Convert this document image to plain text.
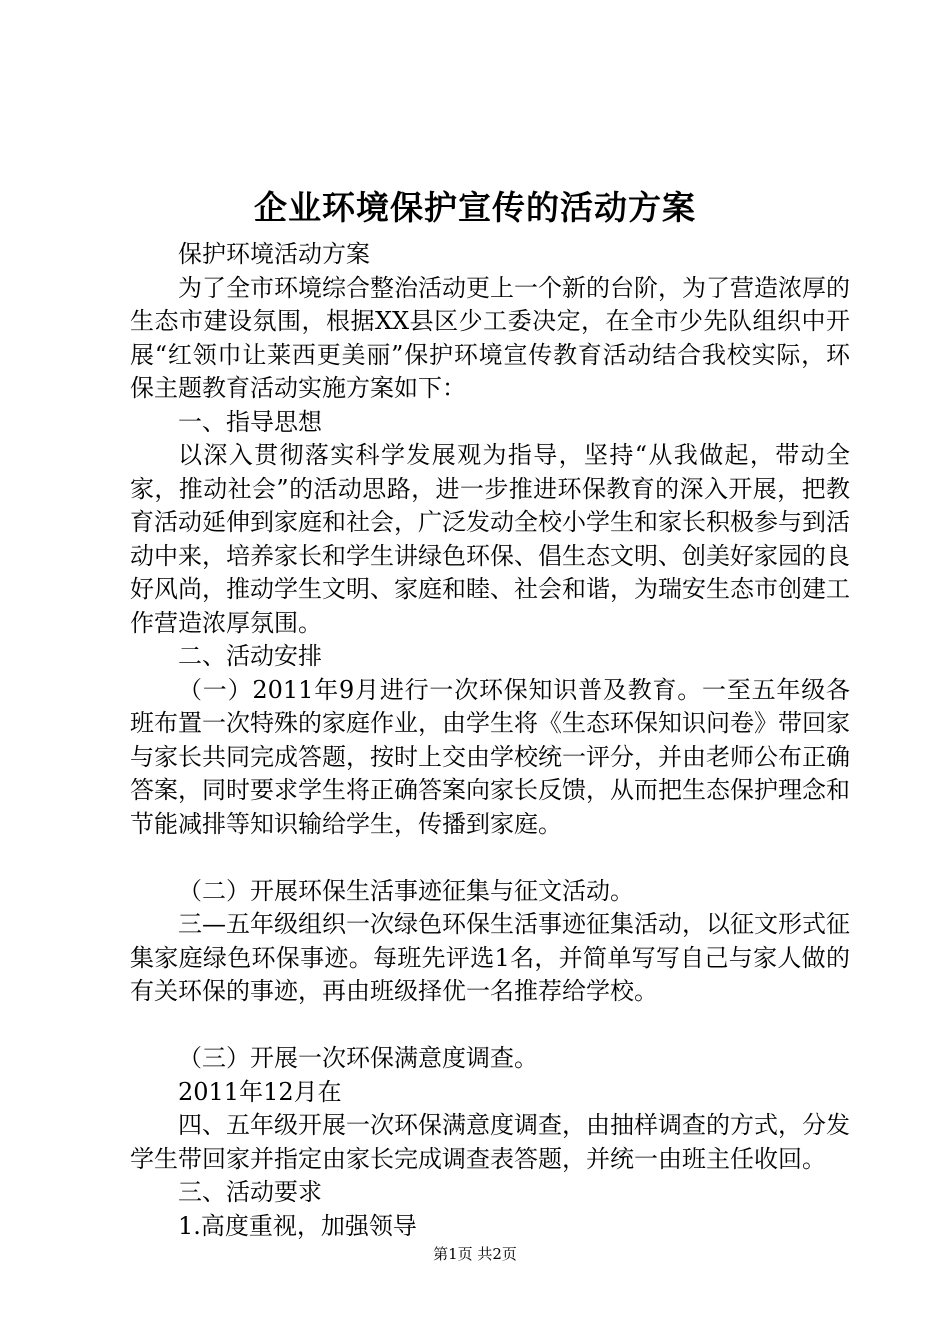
企业环境保护宣传的活动方案

保护环境活动方案

为了全市环境综合整治活动更上一个新的台阶，为了营造浓厚的生态市建设氛围，根据XX县区少工委决定，在全市少先队组织中开展“红领巾让莱西更美丽”保护环境宣传教育活动结合我校实际，环保主题教育活动实施方案如下：

一、指导思想

以深入贯彻落实科学发展观为指导，坚持“从我做起，带动全家，推动社会”的活动思路，进一步推进环保教育的深入开展，把教育活动延伸到家庭和社会，广泛发动全校小学生和家长积极参与到活动中来，培养家长和学生讲绿色环保、倡生态文明、创美好家园的良好风尚，推动学生文明、家庭和睦、社会和谐，为瑞安生态市创建工作营造浓厚氛围。

二、活动安排

（一）2011年9月进行一次环保知识普及教育。一至五年级各班布置一次特殊的家庭作业，由学生将《生态环保知识问卷》带回家与家长共同完成答题，按时上交由学校统一评分，并由老师公布正确答案，同时要求学生将正确答案向家长反馈，从而把生态保护理念和节能减排等知识输给学生，传播到家庭。

（二）开展环保生活事迹征集与征文活动。

三—五年级组织一次绿色环保生活事迹征集活动，以征文形式征集家庭绿色环保事迹。每班先评选1名，并简单写写自己与家人做的有关环保的事迹，再由班级择优一名推荐给学校。

（三）开展一次环保满意度调查。

2011年12月在

四、五年级开展一次环保满意度调查，由抽样调查的方式，分发学生带回家并指定由家长完成调查表答题，并统一由班主任收回。

三、活动要求

1.高度重视，加强领导

第1页 共2页
